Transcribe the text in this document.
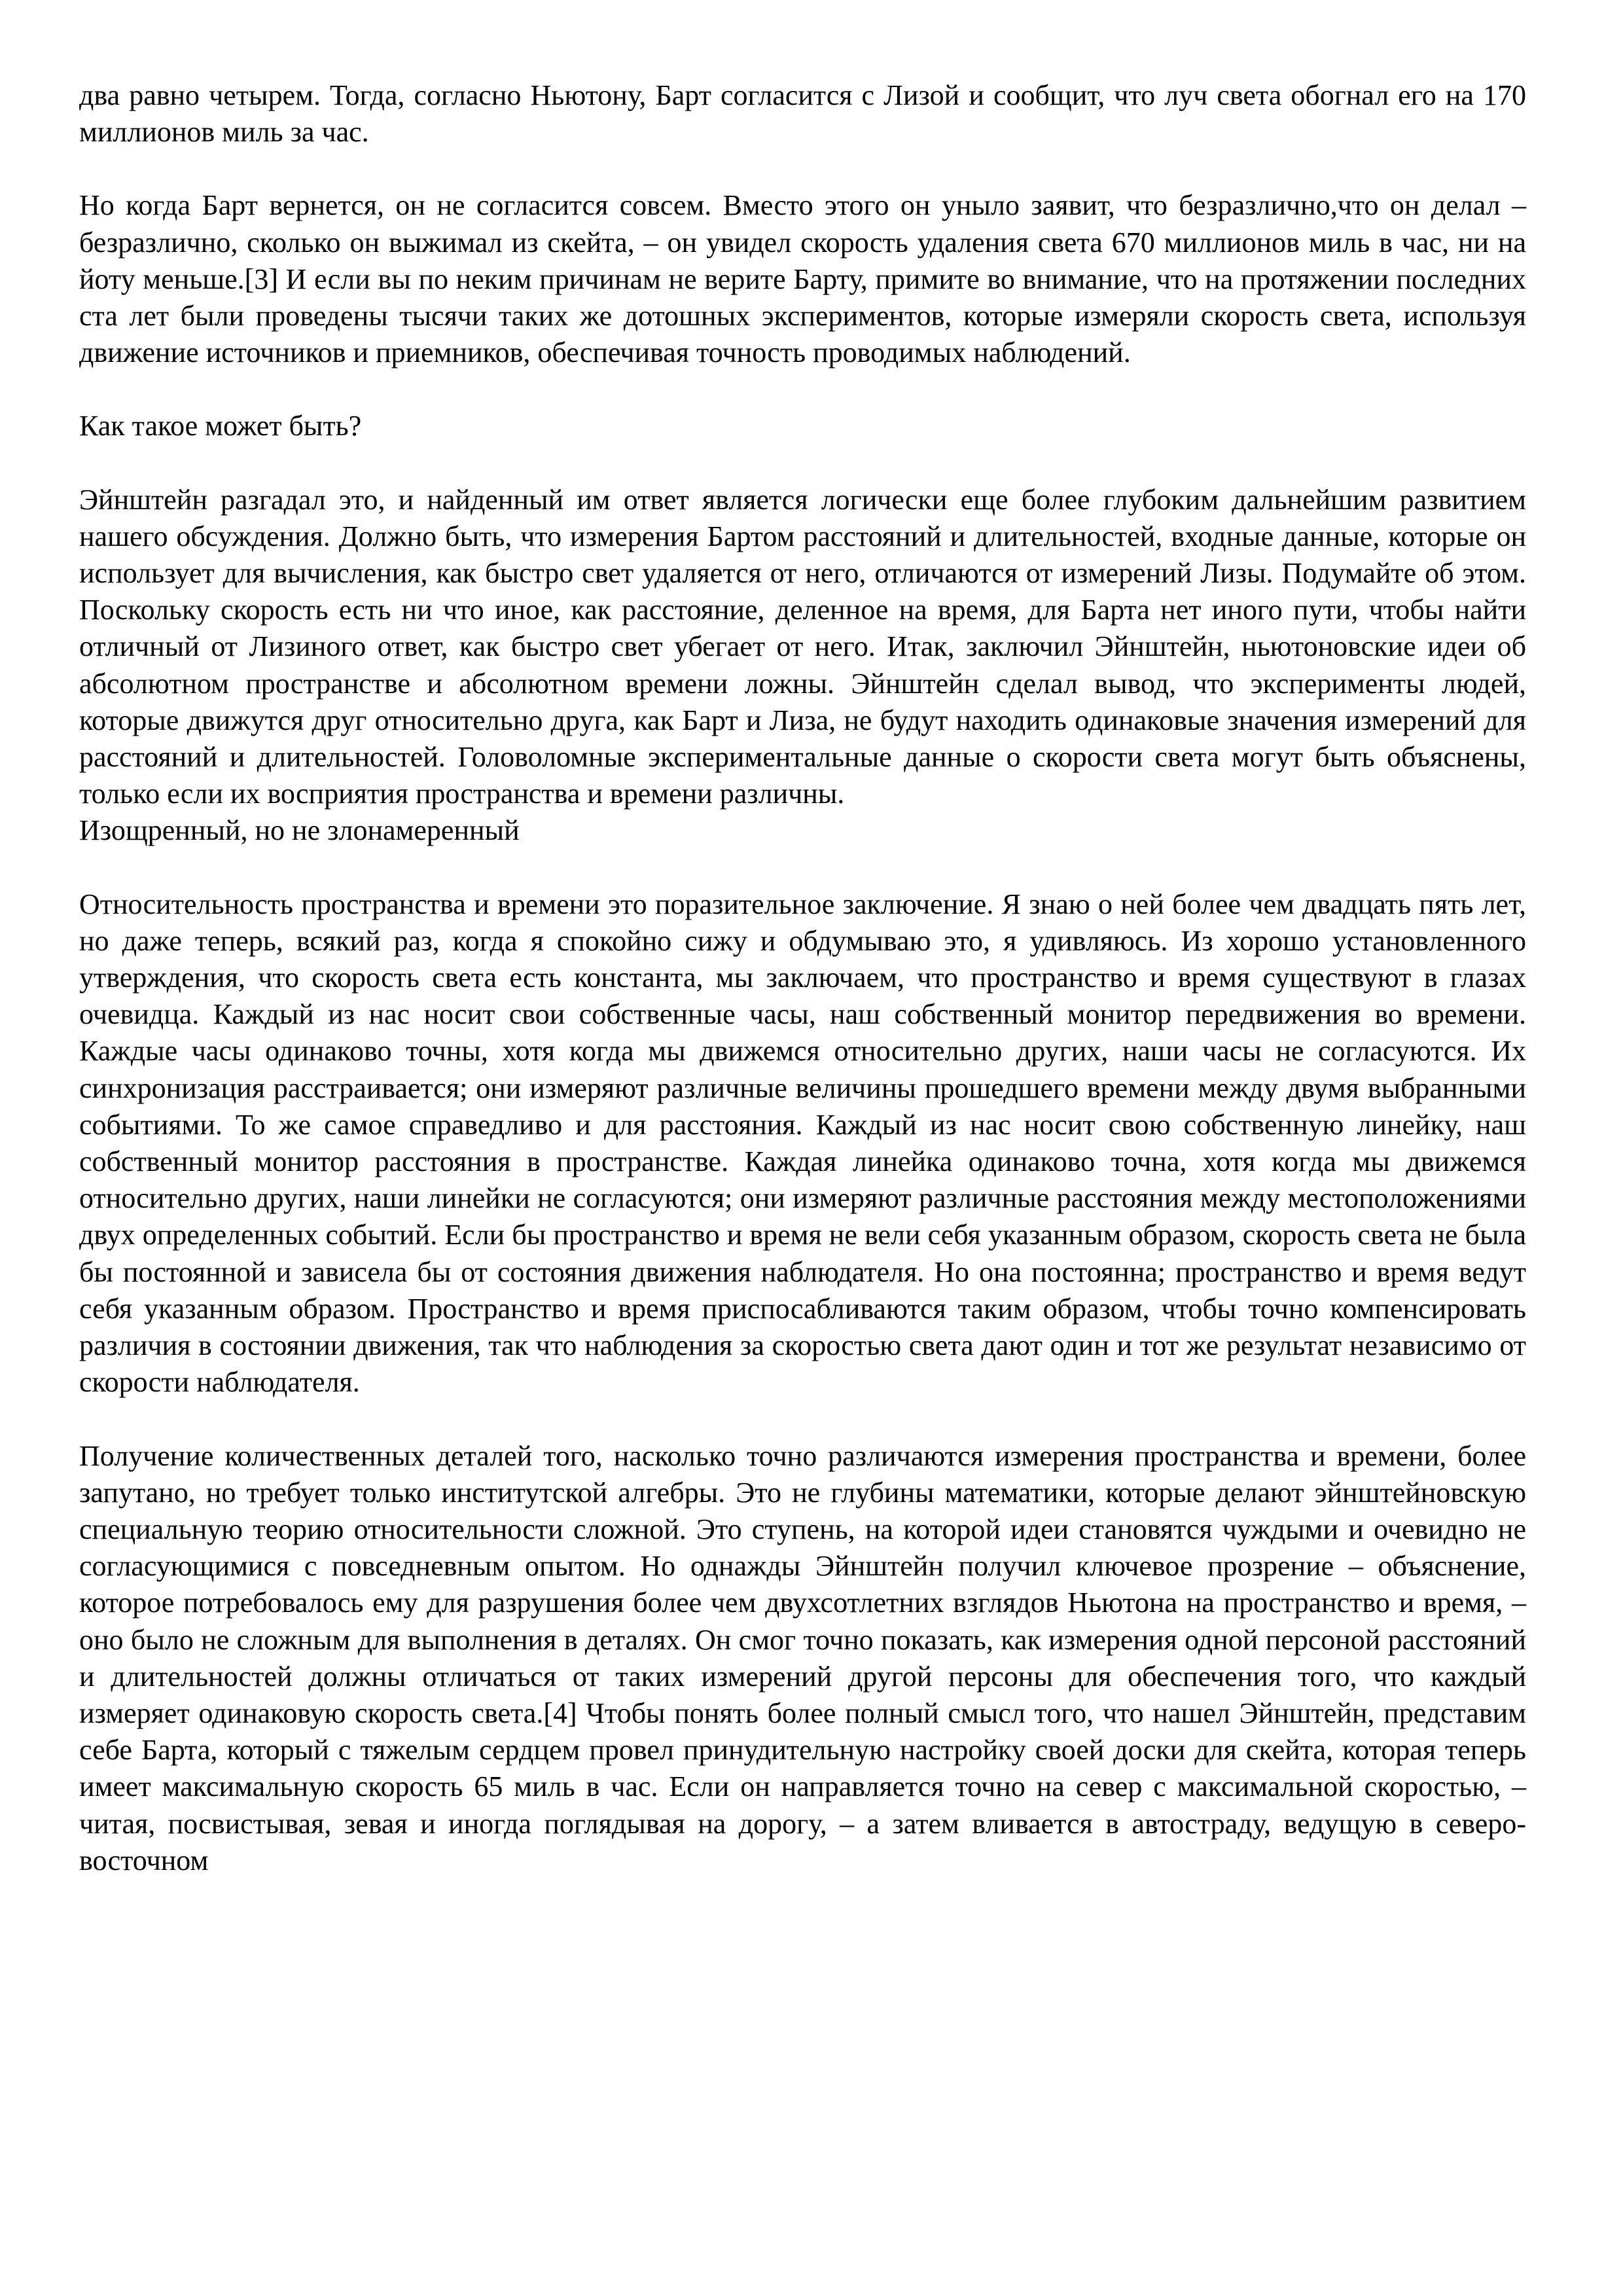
два равно четырем. Тогда, согласно Ньютону, Барт согласится с Лизой и сообщит, что луч света обогнал его на 170 миллионов миль за час.

Но когда Барт вернется, он не согласится совсем. Вместо этого он уныло заявит, что безразлично,что он делал – безразлично, сколько он выжимал из скейта, – он увидел скорость удаления света 670 миллионов миль в час, ни на йоту меньше.[3] И если вы по неким причинам не верите Барту, примите во внимание, что на протяжении последних ста лет были проведены тысячи таких же дотошных экспериментов, которые измеряли скорость света, используя движение источников и приемников, обеспечивая точность проводимых наблюдений.

Как такое может быть?

Эйнштейн разгадал это, и найденный им ответ является логически еще более глубоким дальнейшим развитием нашего обсуждения. Должно быть, что измерения Бартом расстояний и длительностей, входные данные, которые он использует для вычисления, как быстро свет удаляется от него, отличаются от измерений Лизы. Подумайте об этом. Поскольку скорость есть ни что иное, как расстояние, деленное на время, для Барта нет иного пути, чтобы найти отличный от Лизиного ответ, как быстро свет убегает от него. Итак, заключил Эйнштейн, ньютоновские идеи об абсолютном пространстве и абсолютном времени ложны. Эйнштейн сделал вывод, что эксперименты людей, которые движутся друг относительно друга, как Барт и Лиза, не будут находить одинаковые значения измерений для расстояний и длительностей. Головоломные экспериментальные данные о скорости света могут быть объяснены, только если их восприятия пространства и времени различны.

Изощренный, но не злонамеренный

Относительность пространства и времени это поразительное заключение. Я знаю о ней более чем двадцать пять лет, но даже теперь, всякий раз, когда я спокойно сижу и обдумываю это, я удивляюсь. Из хорошо установленного утверждения, что скорость света есть константа, мы заключаем, что пространство и время существуют в глазах очевидца. Каждый из нас носит свои собственные часы, наш собственный монитор передвижения во времени. Каждые часы одинаково точны, хотя когда мы движемся относительно других, наши часы не согласуются. Их синхронизация расстраивается; они измеряют различные величины прошедшего времени между двумя выбранными событиями. То же самое справедливо и для расстояния. Каждый из нас носит свою собственную линейку, наш собственный монитор расстояния в пространстве. Каждая линейка одинаково точна, хотя когда мы движемся относительно других, наши линейки не согласуются; они измеряют различные расстояния между местоположениями двух определенных событий. Если бы пространство и время не вели себя указанным образом, скорость света не была бы постоянной и зависела бы от состояния движения наблюдателя. Но она постоянна; пространство и время ведут себя указанным образом. Пространство и время приспосабливаются таким образом, чтобы точно компенсировать различия в состоянии движения, так что наблюдения за скоростью света дают один и тот же результат независимо от скорости наблюдателя.

Получение количественных деталей того, насколько точно различаются измерения пространства и времени, более запутано, но требует только институтской алгебры. Это не глубины математики, которые делают эйнштейновскую специальную теорию относительности сложной. Это ступень, на которой идеи становятся чуждыми и очевидно не согласующимися с повседневным опытом. Но однажды Эйнштейн получил ключевое прозрение – объяснение, которое потребовалось ему для разрушения более чем двухсотлетних взглядов Ньютона на пространство и время, – оно было не сложным для выполнения в деталях. Он смог точно показать, как измерения одной персоной расстояний и длительностей должны отличаться от таких измерений другой персоны для обеспечения того, что каждый измеряет одинаковую скорость света.[4] Чтобы понять более полный смысл того, что нашел Эйнштейн, представим себе Барта, который с тяжелым сердцем провел принудительную настройку своей доски для скейта, которая теперь имеет максимальную скорость 65 миль в час. Если он направляется точно на север с максимальной скоростью, – читая, посвистывая, зевая и иногда поглядывая на дорогу, – а затем вливается в автостраду, ведущую в северо-восточном
